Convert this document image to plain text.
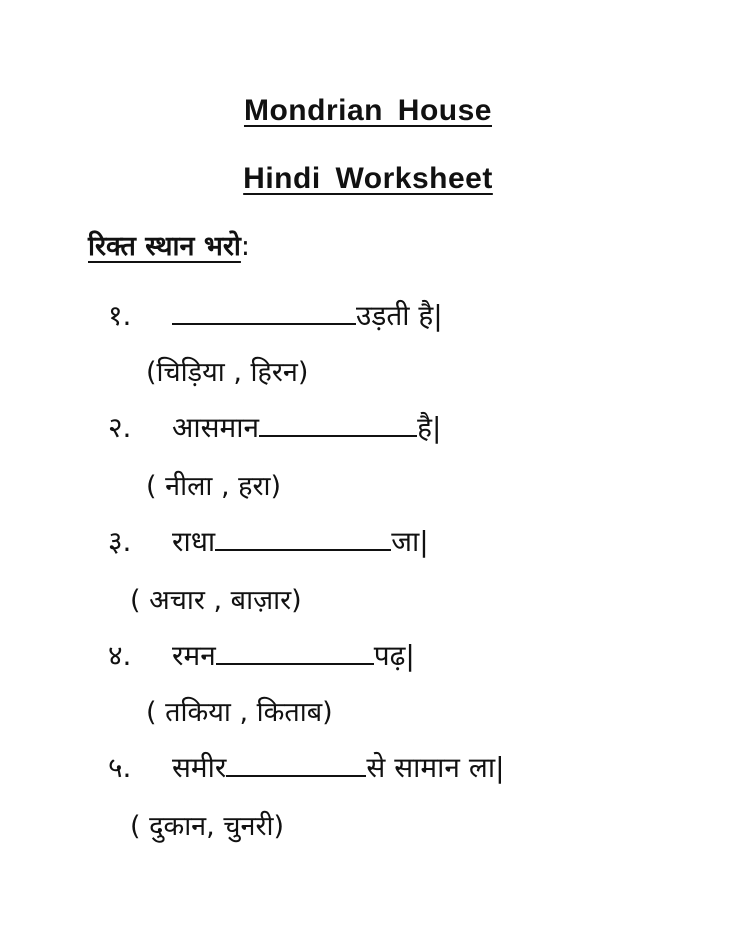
Mondrian House
Hindi Worksheet
रिक्त स्थान भरो:
१.	उड़ती है|
(चिड़िया , हिरन)
२. आसमान	है|
( नीला , हरा)
३. राधा	जा|
( अचार , बाज़ार)
४. रमन	पढ़|
( तकिया , किताब)
५. समीर	से सामान ला|
( दुकान, चुनरी)
